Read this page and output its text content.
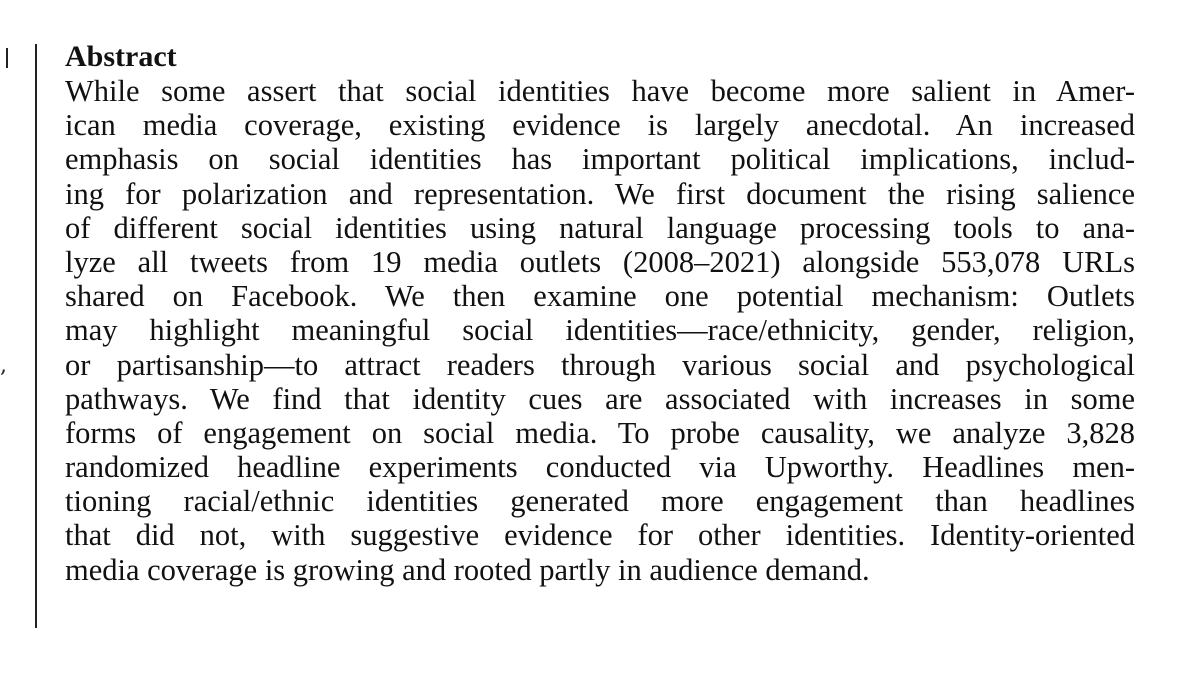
,
Abstract
While some assert that social identities have become more salient in Amer-
ican media coverage, existing evidence is largely anecdotal. An increased
emphasis on social identities has important political implications, includ-
ing for polarization and representation. We first document the rising salience
of different social identities using natural language processing tools to ana-
lyze all tweets from 19 media outlets (2008–2021) alongside 553,078 URLs
shared on Facebook. We then examine one potential mechanism: Outlets
may highlight meaningful social identities—race/ethnicity, gender, religion,
or partisanship—to attract readers through various social and psychological
pathways. We find that identity cues are associated with increases in some
forms of engagement on social media. To probe causality, we analyze 3,828
randomized headline experiments conducted via Upworthy. Headlines men-
tioning racial/ethnic identities generated more engagement than headlines
that did not, with suggestive evidence for other identities. Identity-oriented
media coverage is growing and rooted partly in audience demand.
